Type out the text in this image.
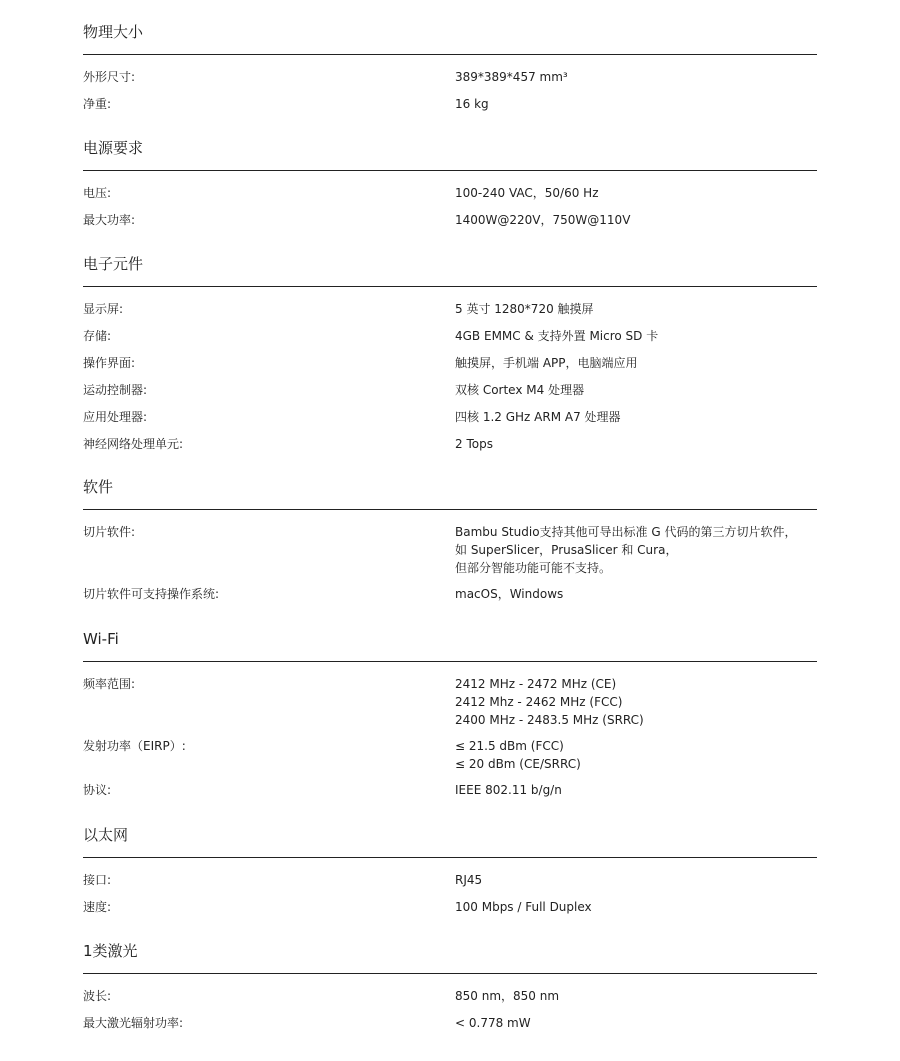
物理大小
外形尺寸:	389*389*457 mm³
净重:	16 kg
电源要求
电压:	100-240 VAC，50/60 Hz
最大功率:	1400W@220V，750W@110V
电子元件
显示屏:	5 英寸 1280*720 触摸屏
存储:	4GB EMMC & 支持外置 Micro SD 卡
操作界面:	触摸屏，手机端 APP，电脑端应用
运动控制器:	双核 Cortex M4 处理器
应用处理器:	四核 1.2 GHz ARM A7 处理器
神经网络处理单元:	2 Tops
软件
切片软件:	Bambu Studio支持其他可导出标准 G 代码的第三方切片软件，
如 SuperSlicer，PrusaSlicer 和 Cura，
但部分智能功能可能不支持。
切片软件可支持操作系统:	macOS，Windows
Wi-Fi
频率范围:	2412 MHz - 2472 MHz (CE)
2412 Mhz - 2462 MHz (FCC)
2400 MHz - 2483.5 MHz (SRRC)
发射功率（EIRP）:	≤ 21.5 dBm (FCC)
≤ 20 dBm (CE/SRRC)
协议:	IEEE 802.11 b/g/n
以太网
接口:	RJ45
速度:	100 Mbps / Full Duplex
1类激光
波长:	850 nm，850 nm
最大激光辐射功率:	< 0.778 mW
